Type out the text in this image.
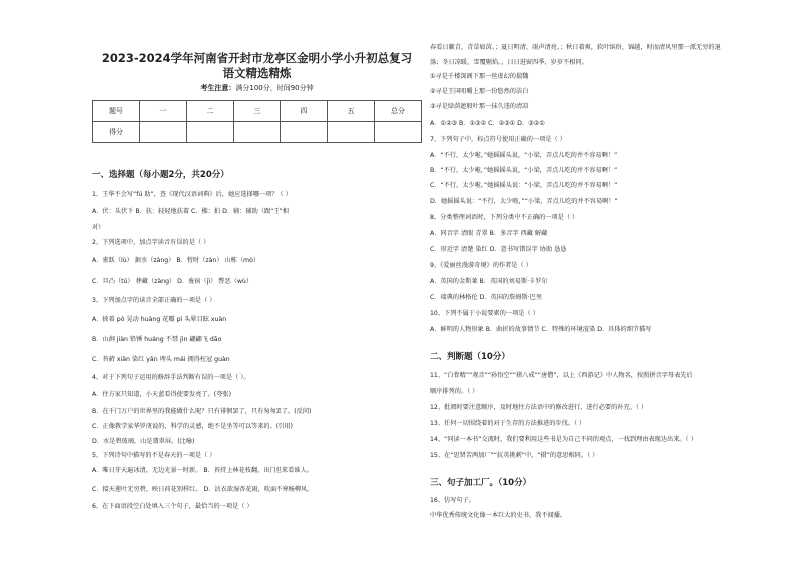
2023-2024学年河南省开封市龙亭区金明小学小升初总复习
语文精选精炼
考生注意：满分100分，时间90分钟
题号	一	二	三	四	五	总分
得分						
一、选择题（每小题2分，共20分）
1、王华不会写“fú 助”，查《现代汉语词典》后，她应选择哪一项？（ ）
A．伏：头伏下 B．扶：轻轻地扶着 C．拂：拍 D．辅：辅助（跟“王”相
对）
2、下列选项中，加点字读音有误的是（ ）
A．雀跃（lù） 据水（zàng） B．暂时（zàn） 山栋（mò）
C．旦凸（tú） 葬藏（zàng） D．废宿（jì） 瞥恶（wù）
3、下列加点字的读音全部正确的一项是（ ）
A．披着 pò 晃动 huàng 花瓣 pì 头晕目眩 xuàn
B．山涧 jiàn 铅锤 huáng 不禁 jìn 翩翩飞 dāo
C．苔藓 xiǎn 染红 yǎn 埋头 mái 拥得枉冠 guàn
4、对于下列句子运用的修辞手法判断有误的一项是（ ）。
A．住方家只知道，小天蓝看得使要发亮了。(夸张)
B．在千门万户的世界里的我能做什么呢？只有徘徊罢了，只有匆匆罢了。(反问)
C．正像教学家华罗庚说的，科学的灵感，绝不是坐等可以等来的。(引用)
D．水是碧玻璃，山是翡翠屏。(比喻)
5、下列诗句中描写的不是春天的一项是（ ）
A．唯日芽天遍冰清，无边光景一时新。 B．苔持上林花枝翻，出门但来看谁人。
C．接天莲叶无穷碧，映日荷花别样红。 D．沾衣欲湿杏花雨，吹面不寒杨柳风。
6、在下面语段空白处填入三个句子，最恰当的一项是（ ）
春看日籁青，青草如茵。；夏日明清，雨声清亮。；秋日着爽，软叶缤纷，锦越，时而清风里那一派无穷的退
涤；冬日凉暖，雪覆剔焰。，日日进窗四季，岁岁不相同。
①寻是千楼深阁下那一丝虚幻的揣魏
②寻是王国咀嚼上那一份悠然的洁白
③寻是绿荫遮般叶那一抹久违的清凉
A．①②③ B．①③② C．②③① D．③②①
7、下列句子中，标点符号使用正确的一项是（ ）
A．“不行，太少啦。”她摇摇头说，“小梁，弄点儿吃的并不容易啊！”
B．“不行，太少啦，”她摇摇头说，“小梁，弄点儿吃的并不容易啊！”
C．“不行，太少啦。”她摇摇头说：“小梁，弄点儿吃的并不容易啊！”
D．她摇摇头说：“不行，太少啦，”“小梁，弄点儿吃的并不容易啊！”
8、分类整理词语时，下列分类中不正确的一项是（ ）
A．同音字 清眼 青翠 B．多音字 西藏 解藏
C．形近字 清楚 染红 D．意书写错误字 协助 恳恳
9、《爱丽丝漫游奇境》的作者是（ ）
A．英国的金斯莱 B．英国的刘易斯·卡罗尔
C．瑞典的林格伦 D．英国的詹姆斯·巴里
10、下列不属于小说要素的一项是（ ）
A．鲜明的人物形象 B．曲折的故事情节 C．特殊的环境渲染 D．具体的细节描写
二、判断题（10分）
11、“白骨精”“观音”“孙悟空”“猪八戒”“唐僧”，以上《西游记》中人物名，按照拼音字母表先后
顺序排列的。（ ）
12、批阅时要注意顺序，及时地往方法语中的修改进行，进行必要的补充。（ ）
13、任何一切围绕着的对于生存的方法推进的步伐。（ ）
14、“同读一本书”交流时，我们要利用这些书是为自己不同的观点，一找到理由表现达出来。（ ）
15、在“思贤苦两加厂”“抗英挑刺”中，“摄”的意思相同。（ ）
三、句子加工厂。（10分）
16、仿写句子。
中华优秀传统文化像一本巨大的史书，我不闻播。
